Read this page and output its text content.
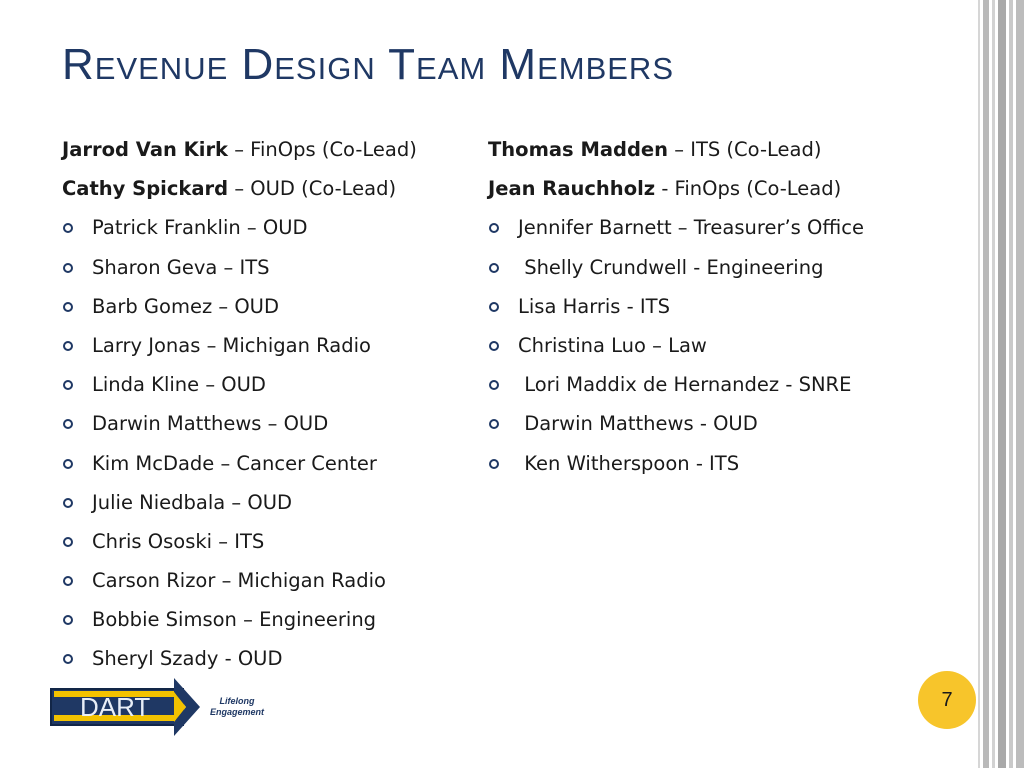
Revenue Design Team Members
Jarrod Van Kirk – FinOps (Co-Lead)
Cathy Spickard – OUD (Co-Lead)
Patrick Franklin – OUD
Sharon Geva – ITS
Barb Gomez – OUD
Larry Jonas – Michigan Radio
Linda Kline – OUD
Darwin Matthews – OUD
Kim McDade – Cancer Center
Julie Niedbala – OUD
Chris Ososki – ITS
Carson Rizor – Michigan Radio
Bobbie Simson – Engineering
Sheryl Szady - OUD
Thomas Madden – ITS (Co-Lead)
Jean Rauchholz - FinOps (Co-Lead)
Jennifer Barnett – Treasurer’s Office
Shelly Crundwell - Engineering
Lisa Harris - ITS
Christina Luo – Law
Lori Maddix de Hernandez - SNRE
Darwin Matthews - OUD
Ken Witherspoon - ITS
DART	Lifelong
Engagement
7
